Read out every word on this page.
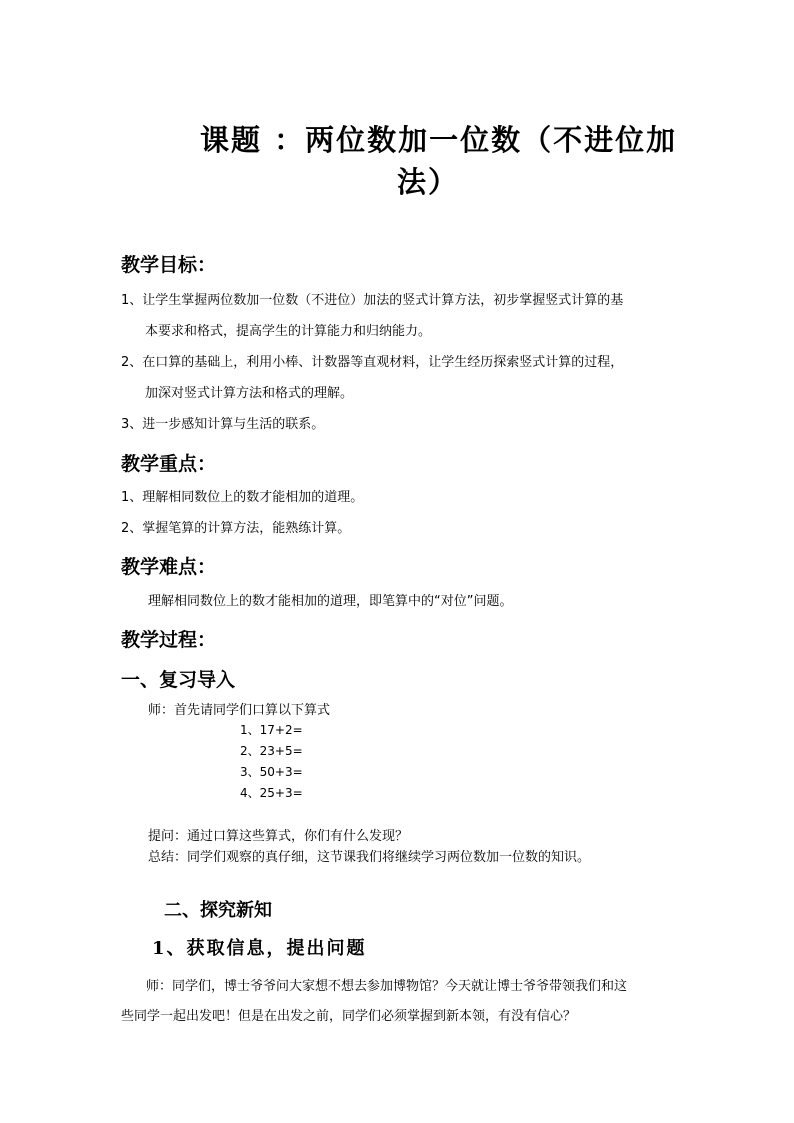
课题 ：两位数加一位数（不进位加
法）
教学目标：
1、让学生掌握两位数加一位数（不进位）加法的竖式计算方法，初步掌握竖式计算的基
本要求和格式，提高学生的计算能力和归纳能力。
2、在口算的基础上，利用小棒、计数器等直观材料，让学生经历探索竖式计算的过程，
加深对竖式计算方法和格式的理解。
3、进一步感知计算与生活的联系。
教学重点：
1、理解相同数位上的数才能相加的道理。
2、掌握笔算的计算方法，能熟练计算。
教学难点：
理解相同数位上的数才能相加的道理，即笔算中的“对位”问题。
教学过程：
一、复习导入
师：首先请同学们口算以下算式
1、17+2=
2、23+5=
3、50+3=
4、25+3=
提问：通过口算这些算式，你们有什么发现？
总结：同学们观察的真仔细，这节课我们将继续学习两位数加一位数的知识。
二、探究新知
1、获取信息，提出问题
师：同学们，博士爷爷问大家想不想去参加博物馆？今天就让博士爷爷带领我们和这
些同学一起出发吧！但是在出发之前，同学们必须掌握到新本领，有没有信心？
